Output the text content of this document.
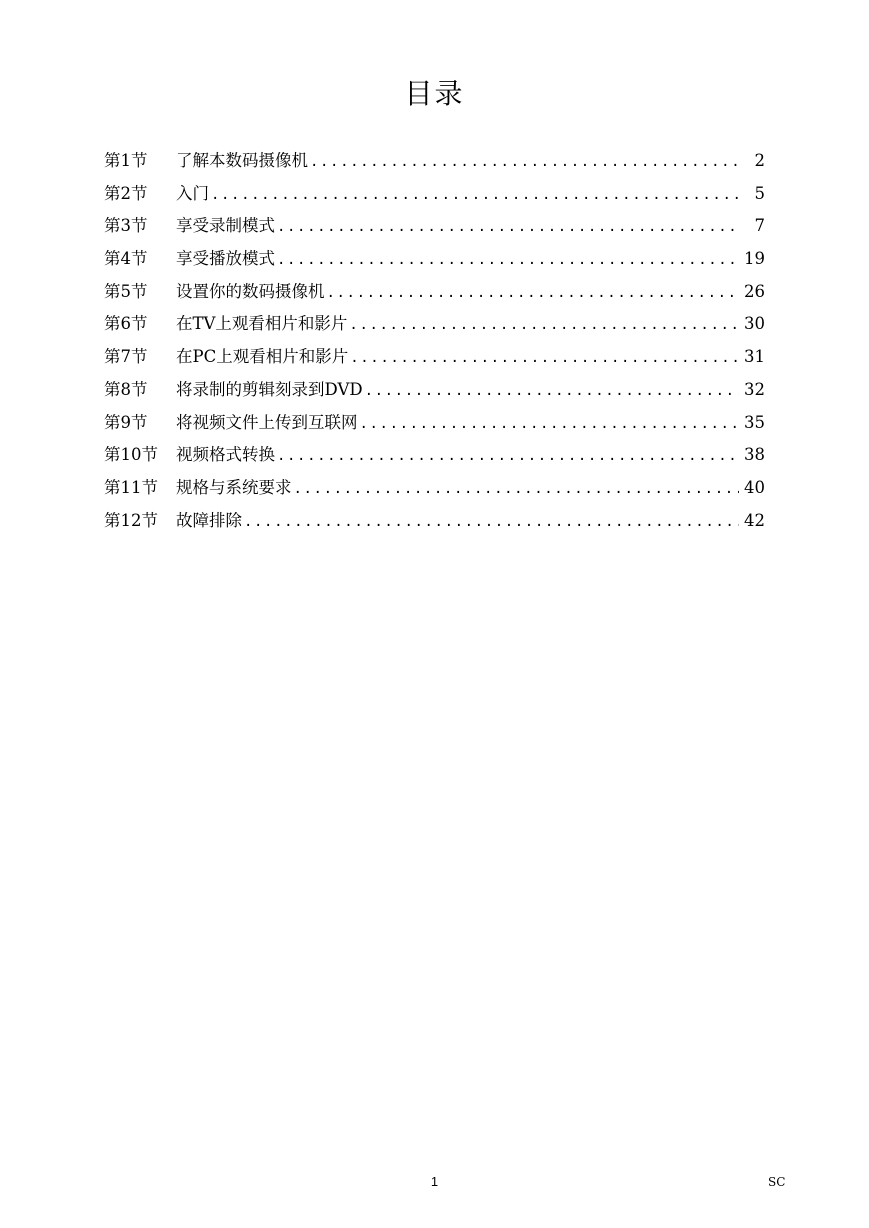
目录
第1节	了解本数码摄像机 .....	2
第2节	入门 .....	5
第3节	享受录制模式 .....	7
第4节	享受播放模式 .....	19
第5节	设置你的数码摄像机 .....	26
第6节	在TV上观看相片和影片 .....	30
第7节	在PC上观看相片和影片 .....	31
第8节	将录制的剪辑刻录到DVD .....	32
第9节	将视频文件上传到互联网 .....	35
第10节	视频格式转换 .....	38
第11节	规格与系统要求 .....	40
第12节	故障排除 .....	42
1	SC
